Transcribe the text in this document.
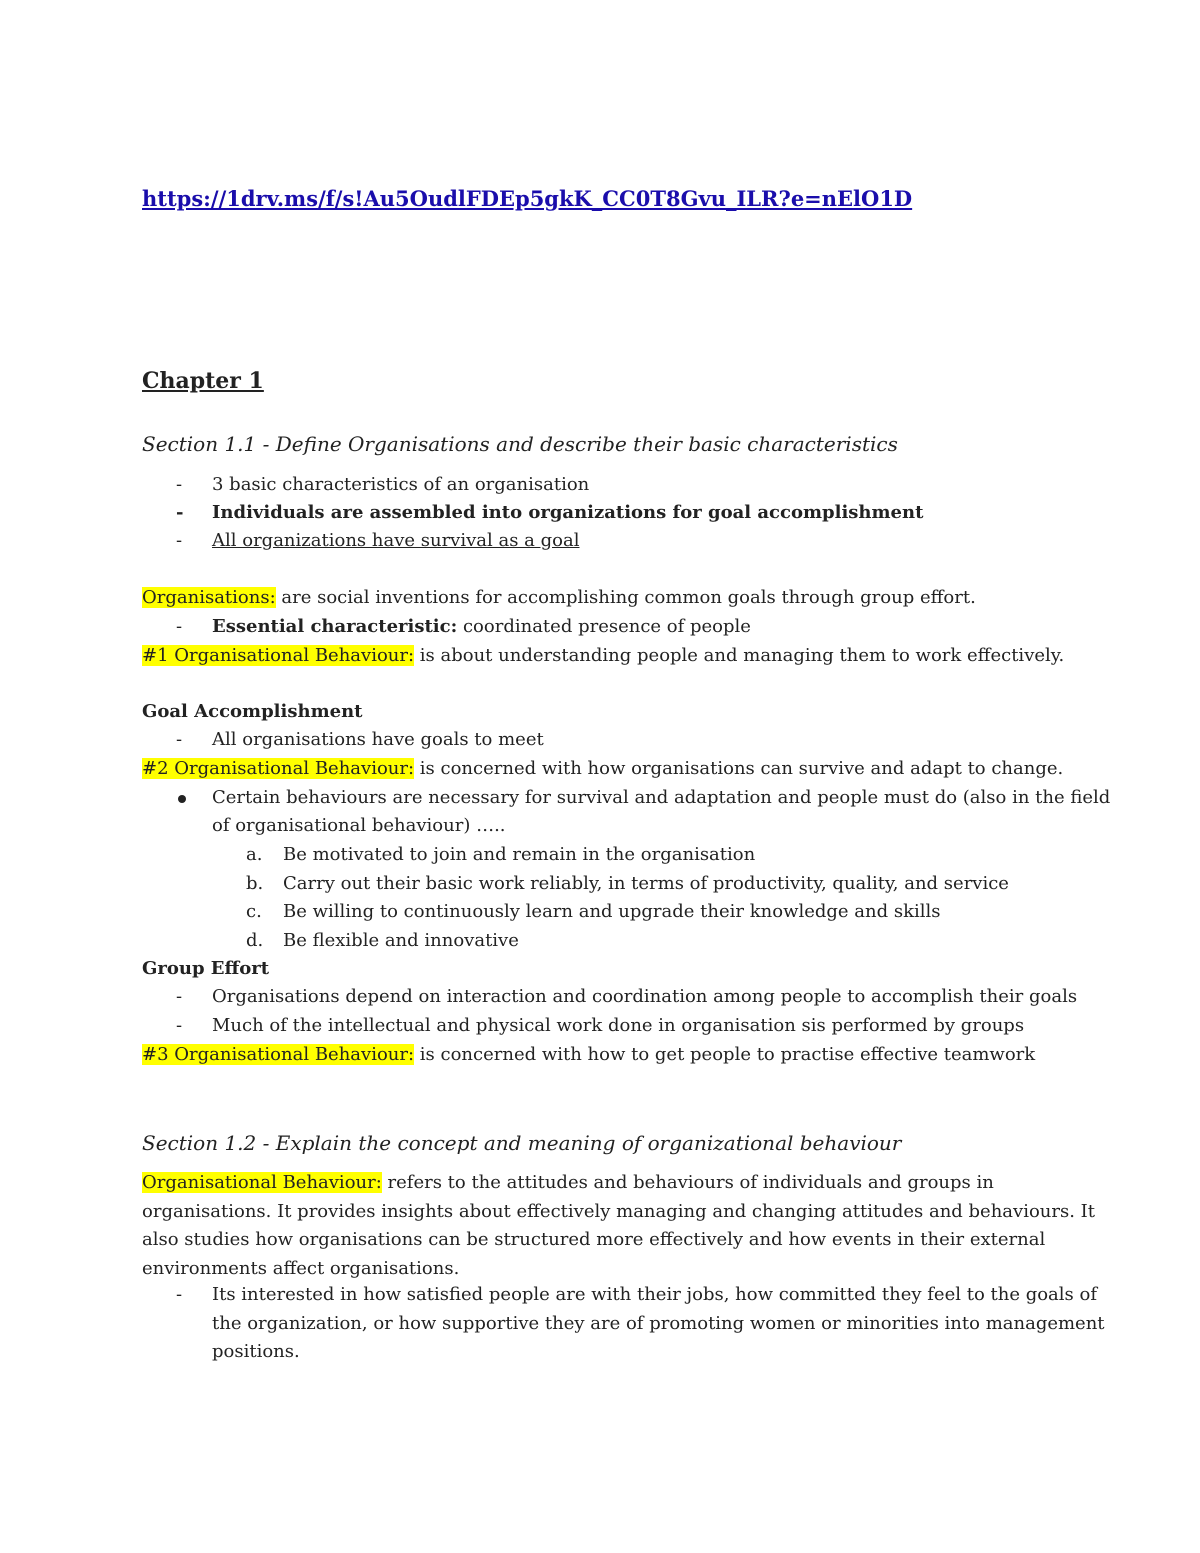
https://1drv.ms/f/s!Au5OudlFDEp5gkK_CC0T8Gvu_ILR?e=nElO1D
Chapter 1
Section 1.1 - Define Organisations and describe their basic characteristics
- 3 basic characteristics of an organisation
- Individuals are assembled into organizations for goal accomplishment
- All organizations have survival as a goal
Organisations: are social inventions for accomplishing common goals through group effort.
- Essential characteristic: coordinated presence of people
#1 Organisational Behaviour: is about understanding people and managing them to work effectively.
Goal Accomplishment
- All organisations have goals to meet
#2 Organisational Behaviour: is concerned with how organisations can survive and adapt to change.
Certain behaviours are necessary for survival and adaptation and people must do (also in the field
of organisational behaviour) …..
a. Be motivated to join and remain in the organisation
b. Carry out their basic work reliably, in terms of productivity, quality, and service
c. Be willing to continuously learn and upgrade their knowledge and skills
d. Be flexible and innovative
Group Effort
- Organisations depend on interaction and coordination among people to accomplish their goals
- Much of the intellectual and physical work done in organisation sis performed by groups
#3 Organisational Behaviour: is concerned with how to get people to practise effective teamwork
Section 1.2 - Explain the concept and meaning of organizational behaviour
Organisational Behaviour: refers to the attitudes and behaviours of individuals and groups in
organisations. It provides insights about effectively managing and changing attitudes and behaviours. It
also studies how organisations can be structured more effectively and how events in their external
environments affect organisations.
- Its interested in how satisfied people are with their jobs, how committed they feel to the goals of
the organization, or how supportive they are of promoting women or minorities into management
positions.
